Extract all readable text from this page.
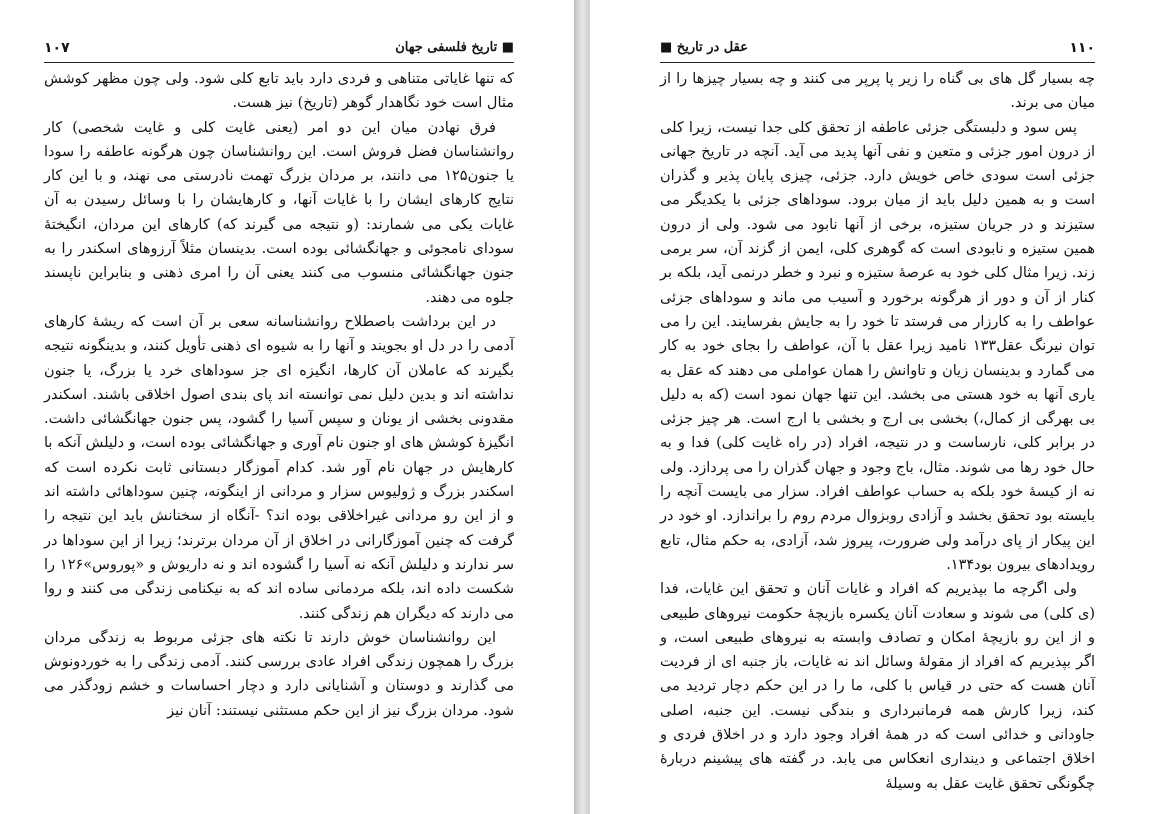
۱۰۷	■ تاریخ فلسفی جهان

که تنها غایاتی متناهی و فردی دارد باید تابع کلی شود. ولی چون مظهر کوشش مثال است خود نگاهدار گوهر (تاریخ) نیز هست.

فرق نهادن میان این دو امر (یعنی غایت کلی و غایت شخصی) کار روانشناسان فضل فروش است. این روانشناسان چون هرگونه عاطفه را سودا یا جنون۱۲۵ می دانند، بر مردان بزرگ تهمت نادرستی می نهند، و با این کار نتایج کارهای ایشان را با غایات آنها، و کارهایشان را با وسائل رسیدن به آن غایات یکی می شمارند: (و نتیجه می گیرند که) کارهای این مردان، انگیختهٔ سودای نامجوئی و جهانگشائی بوده است. بدینسان مثلاً آرزوهای اسکندر را به جنون جهانگشائی منسوب می کنند یعنی آن را امری ذهنی و بنابراین ناپسند جلوه می دهند.

در این برداشت باصطلاح روانشناسانه سعی بر آن است که ریشهٔ کارهای آدمی را در دل او بجویند و آنها را به شیوه ای ذهنی تأویل کنند، و بدینگونه نتیجه بگیرند که عاملان آن کارها، انگیزه ای جز سوداهای خرد یا بزرگ، یا جنون نداشته اند و بدین دلیل نمی توانسته اند پای بندی اصول اخلاقی باشند. اسکندر مقدونی بخشی از یونان و سپس آسیا را گشود، پس جنون جهانگشائی داشت. انگیزهٔ کوشش های او جنون نام آوری و جهانگشائی بوده است، و دلیلش آنکه با کارهایش در جهان نام آور شد. کدام آموزگار دبستانی ثابت نکرده است که اسکندر بزرگ و ژولیوس سزار و مردانی از اینگونه، چنین سوداهائی داشته اند و از این رو مردانی غیراخلاقی بوده اند؟ -آنگاه از سخنانش باید این نتیجه را گرفت که چنین آموزگارانی در اخلاق از آن مردان برترند؛ زیرا از این سوداها در سر ندارند و دلیلش آنکه نه آسیا را گشوده اند و نه داریوش و «پوروس»۱۲۶ را شکست داده اند، بلکه مردمانی ساده اند که به نیکنامی زندگی می کنند و روا می دارند که دیگران هم زندگی کنند.

این روانشناسان خوش دارند تا نکته های جزئی مربوط به زندگی مردان بزرگ را همچون زندگی افراد عادی بررسی کنند. آدمی زندگی را به خوردونوش می گذارند و دوستان و آشنایانی دارد و دچار احساسات و خشم زودگذر می شود. مردان بزرگ نیز از این حکم مستثنی نیستند: آنان نیز

۱۱۰
عقل در تاریخ ■

چه بسیار گل های بی گناه را زیر پا پرپر می کنند و چه بسیار چیزها را از میان می برند.

پس سود و دلبستگی جزئی عاطفه از تحقق کلی جدا نیست، زیرا کلی از درون امور جزئی و متعین و نفی آنها پدید می آید. آنچه در تاریخ جهانی جزئی است سودی خاص خویش دارد. جزئی، چیزی پایان پذیر و گذران است و به همین دلیل باید از میان برود. سوداهای جزئی با یکدیگر می ستیزند و در جریان ستیزه، برخی از آنها نابود می شود. ولی از درون همین ستیزه و نابودی است که گوهری کلی، ایمن از گزند آن، سر برمی زند. زیرا مثال کلی خود به عرصهٔ ستیزه و نبرد و خطر درنمی آید، بلکه بر کنار از آن و دور از هرگونه برخورد و آسیب می ماند و سوداهای جزئی عواطف را به کارزار می فرستد تا خود را به جایش بفرسایند. این را می توان نیرنگ عقل۱۳۳ نامید زیرا عقل با آن، عواطف را بجای خود به کار می گمارد و بدینسان زیان و تاوانش را همان عواملی می دهند که عقل به یاری آنها به خود هستی می بخشد. این تنها جهان نمود است (که به دلیل بی بهرگی از کمال،) بخشی بی ارج و بخشی با ارج است. هر چیز جزئی در برابر کلی، نارساست و در نتیجه، افراد (در راه غایت کلی) فدا و به حال خود رها می شوند. مثال، باج وجود و جهان گذران را می پردازد. ولی نه از کیسهٔ خود بلکه به حساب عواطف افراد. سزار می بایست آنچه را بایسته بود تحقق بخشد و آزادی روبزوال مردم روم را براندازد. او خود در این پیکار از پای درآمد ولی ضرورت، پیروز شد، آزادی، به حکم مثال، تابع رویدادهای بیرون بود۱۳۴.

ولی اگرچه ما بپذیریم که افراد و غایات آنان و تحقق این غایات، فدا (ی کلی) می شوند و سعادت آنان یکسره بازیچهٔ حکومت نیروهای طبیعی و از این رو بازیچهٔ امکان و تصادف وابسته به نیروهای طبیعی است، و اگر بپذیریم که افراد از مقولهٔ وسائل اند نه غایات، باز جنبه ای از فردیت آنان هست که حتی در قیاس با کلی، ما را در این حکم دچار تردید می کند، زیرا کارش همه فرمانبرداری و بندگی نیست. این جنبه، اصلی جاودانی و خدائی است که در همهٔ افراد وجود دارد و در اخلاق فردی و اخلاق اجتماعی و دینداری انعکاس می یابد. در گفته های پیشینم دربارهٔ چگونگی تحقق غایت عقل به وسیلهٔ
